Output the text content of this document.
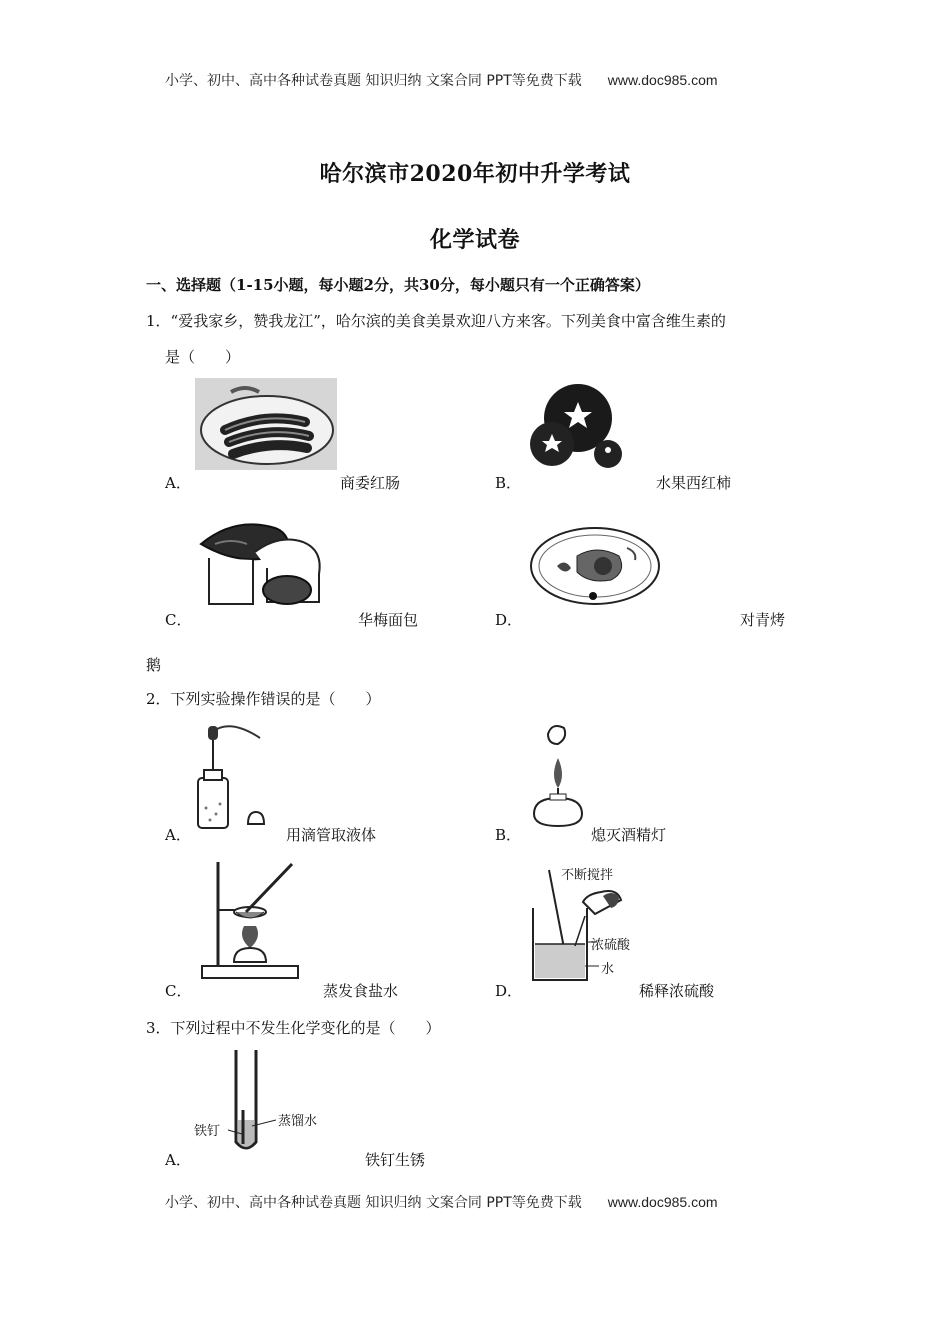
小学、初中、高中各种试卷真题 知识归纳 文案合同 PPT等免费下载 www.doc985.com
哈尔滨市2020年初中升学考试
化学试卷
一、选择题（1-15小题，每小题2分，共30分，每小题只有一个正确答案）
1．“爱我家乡，赞我龙江”，哈尔滨的美食美景欢迎八方来客。下列美食中富含维生素的
是（　　）
A．	商委红肠	B．	水果西红柿
C．	华梅面包	D．	对青烤
鹅
2．下列实验操作错误的是（　　）
A．	用滴管取液体	B．	熄灭酒精灯
C．	蒸发食盐水
不断搅拌
浓硫酸
水
D．	稀释浓硫酸
3．下列过程中不发生化学变化的是（　　）
铁钉
蒸馏水
A．	铁钉生锈
小学、初中、高中各种试卷真题 知识归纳 文案合同 PPT等免费下载 www.doc985.com
